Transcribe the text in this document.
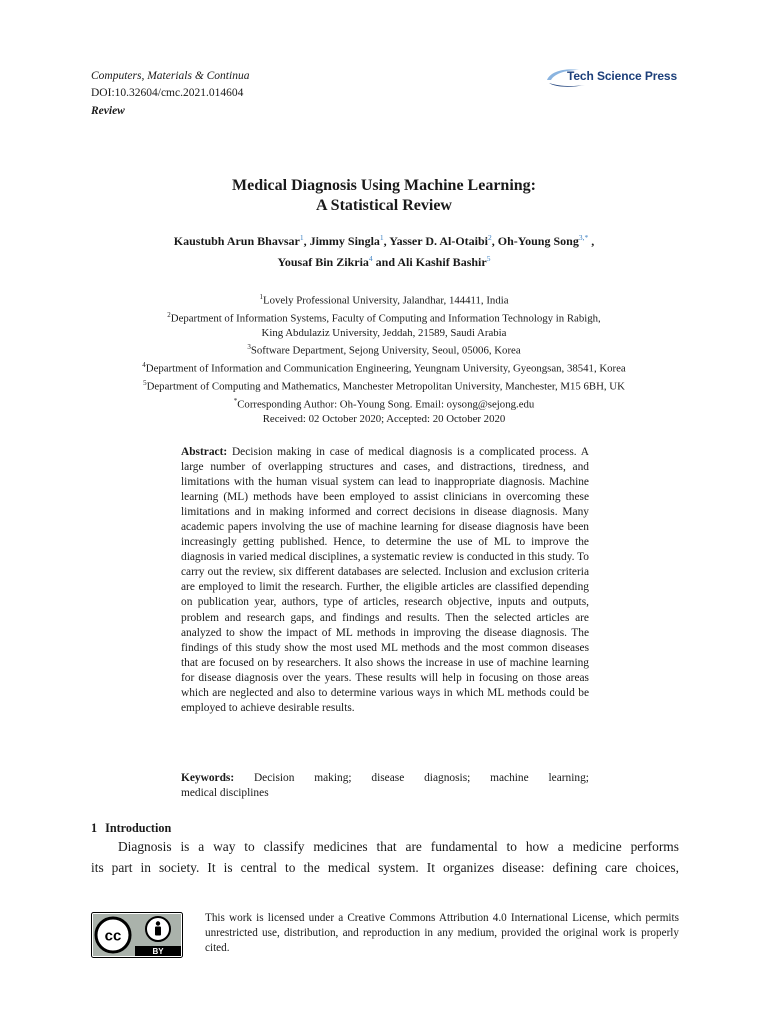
Computers, Materials & Continua
DOI:10.32604/cmc.2021.014604
Review
Tech Science Press
Medical Diagnosis Using Machine Learning:
A Statistical Review
Kaustubh Arun Bhavsar$^1$, Jimmy Singla$^1$, Yasser D. Al-Otaibi$^2$, Oh-Young Song$^{3,*}$ ,
Yousaf Bin Zikria$^4$ and Ali Kashif Bashir$^5$
$^1$Lovely Professional University, Jalandhar, 144411, India
$^2$Department of Information Systems, Faculty of Computing and Information Technology in Rabigh,
King Abdulaziz University, Jeddah, 21589, Saudi Arabia
$^3$Software Department, Sejong University, Seoul, 05006, Korea
$^4$Department of Information and Communication Engineering, Yeungnam University, Gyeongsan, 38541, Korea
$^5$Department of Computing and Mathematics, Manchester Metropolitan University, Manchester, M15 6BH, UK
*Corresponding Author: Oh-Young Song. Email: oysong@sejong.edu
Received: 02 October 2020; Accepted: 20 October 2020
Abstract: Decision making in case of medical diagnosis is a complicated process. A large number of overlapping structures and cases, and distractions, tiredness, and limitations with the human visual system can lead to inappropriate diagnosis. Machine learning (ML) methods have been employed to assist clinicians in overcoming these limitations and in making informed and correct decisions in disease diagnosis. Many academic papers involving the use of machine learning for disease diagnosis have been increasingly getting published. Hence, to determine the use of ML to improve the diagnosis in varied medical disciplines, a systematic review is conducted in this study. To carry out the review, six different databases are selected. Inclusion and exclusion criteria are employed to limit the research. Further, the eligible articles are classified depending on publication year, authors, type of articles, research objective, inputs and outputs, problem and research gaps, and findings and results. Then the selected articles are analyzed to show the impact of ML methods in improving the disease diagnosis. The findings of this study show the most used ML methods and the most common diseases that are focused on by researchers. It also shows the increase in use of machine learning for disease diagnosis over the years. These results will help in focusing on those areas which are neglected and also to determine various ways in which ML methods could be employed to achieve desirable results.
Keywords: Decision making; disease diagnosis; machine learning;
medical disciplines
1 Introduction
Diagnosis is a way to classify medicines that are fundamental to how a medicine performs
its part in society. It is central to the medical system. It organizes disease: defining care choices,
cc
BY
This work is licensed under a Creative Commons Attribution 4.0 International License, which permits unrestricted use, distribution, and reproduction in any medium, provided the original work is properly cited.
